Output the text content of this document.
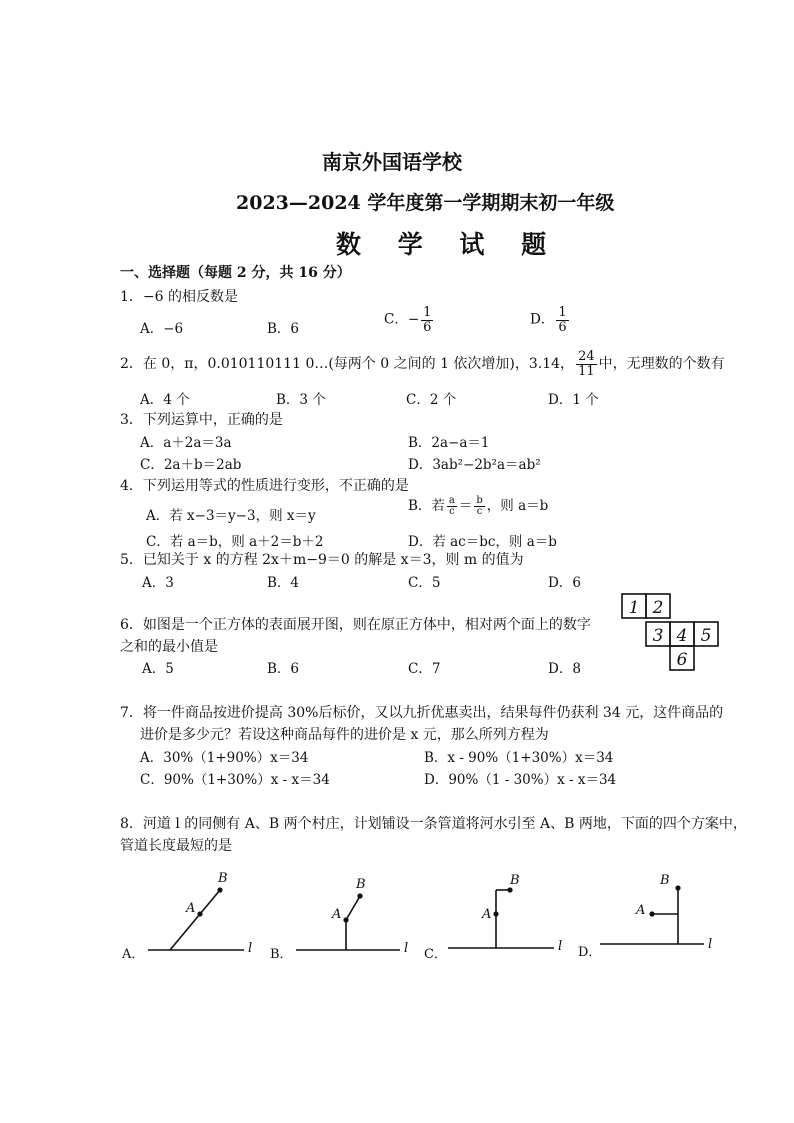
南京外国语学校
2023—2024 学年度第一学期期末初一年级
数 学 试 题
一、选择题（每题 2 分，共 16 分）
1．−6 的相反数是
A．−6	B．6
C．− $\frac{1}{6}$	D． $\frac{1}{6}$
2．在 0，π，0.010110111 0…(每两个 0 之间的 1 依次增加)，3.14， $\frac{24}{11}$ 中，无理数的个数有
A．4 个	B．3 个	C．2 个	D．1 个
3．下列运算中，正确的是
A．a＋2a＝3a	B．2a−a＝1
C．2a＋b＝2ab	D．3ab²−2b²a＝ab²
4．下列运用等式的性质进行变形，不正确的是
A．若 x−3＝y−3，则 x＝y
B．若 $\frac{a}{c} = \frac{b}{c}$ ，则 a＝b
C．若 a＝b，则 a＋2＝b＋2	D．若 ac＝bc，则 a＝b
5．已知关于 x 的方程 2x＋m−9＝0 的解是 x＝3，则 m 的值为
A．3	B．4	C．5	D．6
6．如图是一个正方体的表面展开图，则在原正方体中，相对两个面上的数字
之和的最小值是
A．5	B．6	C．7	D．8
1 2
3 4 5
6
7．将一件商品按进价提高 30%后标价，又以九折优惠卖出，结果每件仍获利 34 元，这件商品的
进价是多少元？若设这种商品每件的进价是 x 元，那么所列方程为
A．30%（1+90%）x＝34	B．x - 90%（1+30%）x＝34
C．90%（1+30%）x - x＝34	D．90%（1 - 30%）x - x＝34
8．河道 l 的同侧有 A、B 两个村庄，计划铺设一条管道将河水引至 A、B 两地，下面的四个方案中，
管道长度最短的是
A．	B．	C．	D．
A
B
l
A
B
l
A
B
l
A
B
l
